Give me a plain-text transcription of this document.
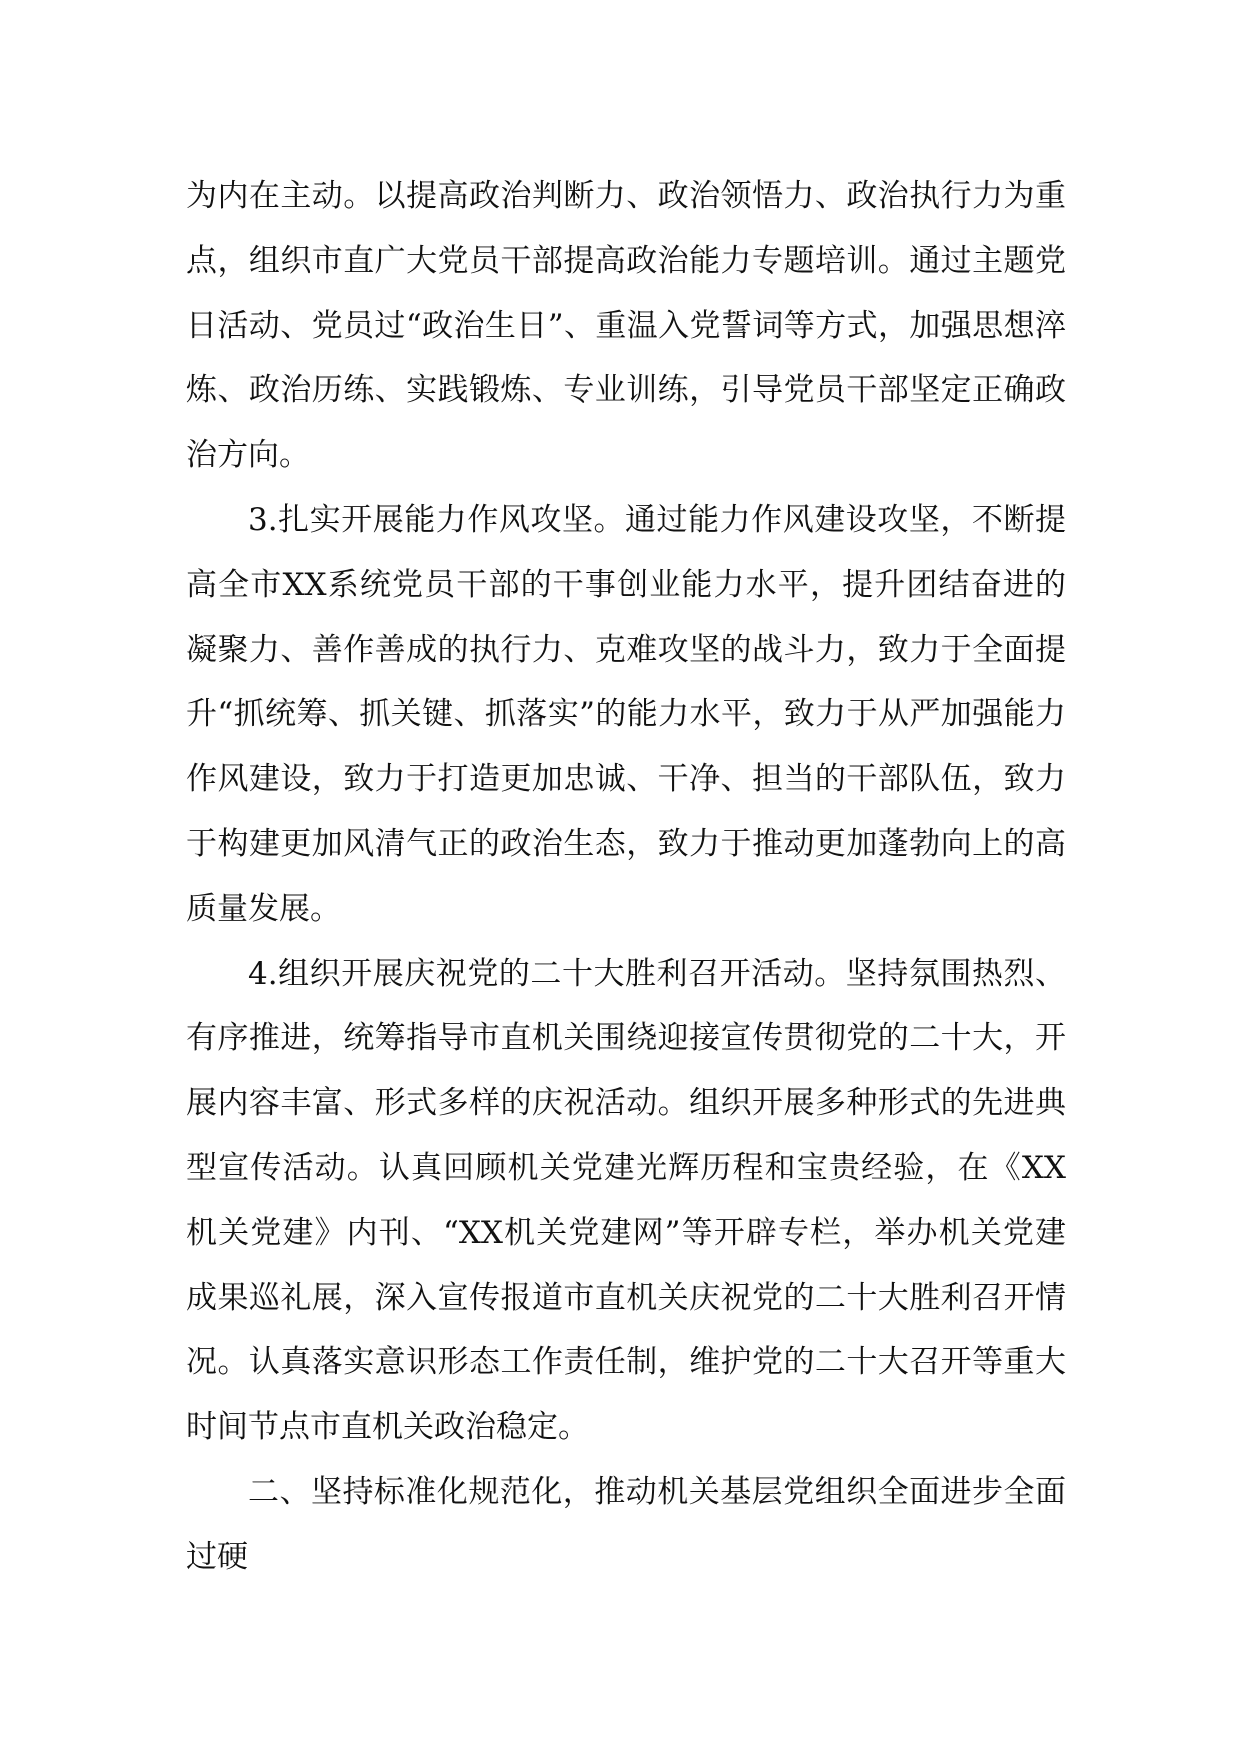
为内在主动。以提高政治判断力、政治领悟力、政治执行力为重点，组织市直广大党员干部提高政治能力专题培训。通过主题党日活动、党员过“政治生日”、重温入党誓词等方式，加强思想淬炼、政治历练、实践锻炼、专业训练，引导党员干部坚定正确政治方向。

3.扎实开展能力作风攻坚。通过能力作风建设攻坚，不断提高全市XX系统党员干部的干事创业能力水平，提升团结奋进的凝聚力、善作善成的执行力、克难攻坚的战斗力，致力于全面提升“抓统筹、抓关键、抓落实”的能力水平，致力于从严加强能力作风建设，致力于打造更加忠诚、干净、担当的干部队伍，致力于构建更加风清气正的政治生态，致力于推动更加蓬勃向上的高质量发展。

4.组织开展庆祝党的二十大胜利召开活动。坚持氛围热烈、有序推进，统筹指导市直机关围绕迎接宣传贯彻党的二十大，开展内容丰富、形式多样的庆祝活动。组织开展多种形式的先进典型宣传活动。认真回顾机关党建光辉历程和宝贵经验，在《XX机关党建》内刊、“XX机关党建网”等开辟专栏，举办机关党建成果巡礼展，深入宣传报道市直机关庆祝党的二十大胜利召开情况。认真落实意识形态工作责任制，维护党的二十大召开等重大时间节点市直机关政治稳定。

二、坚持标准化规范化，推动机关基层党组织全面进步全面过硬
